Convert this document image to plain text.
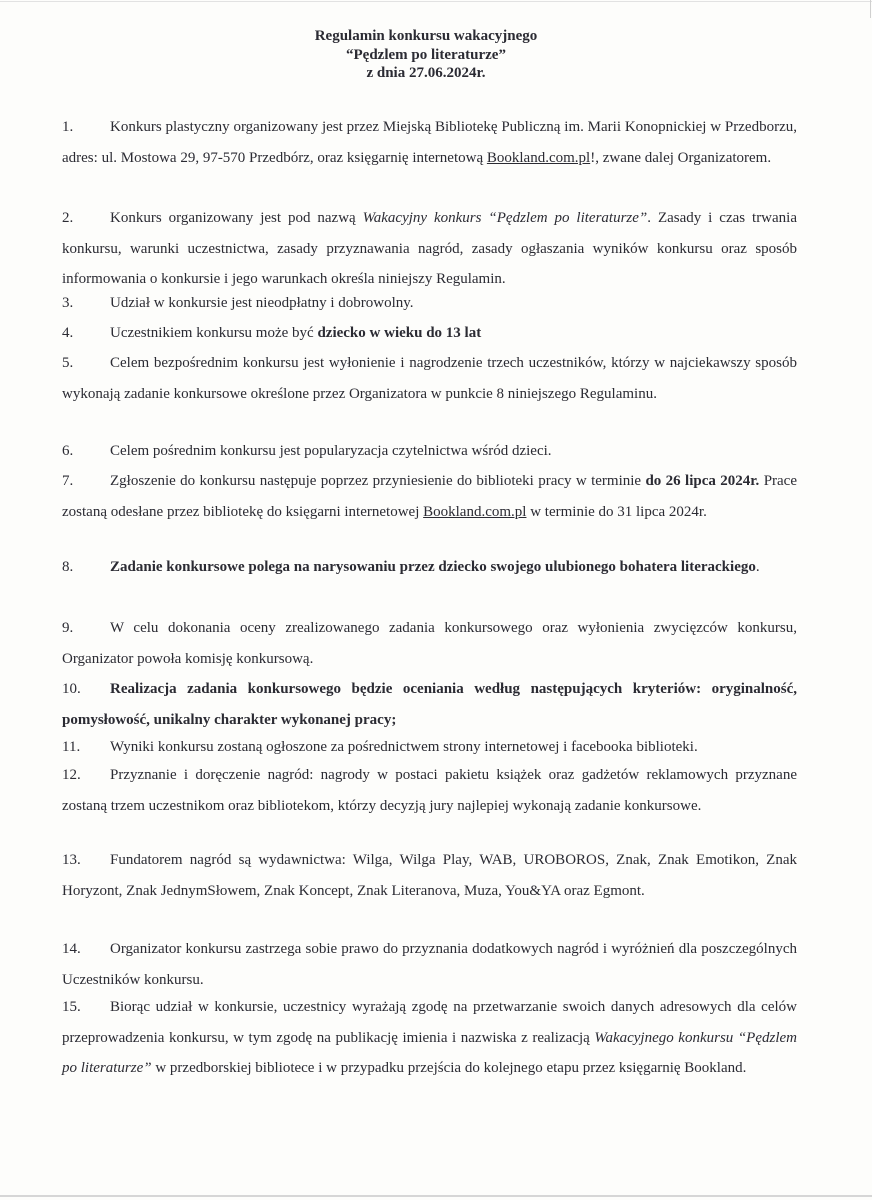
Regulamin konkursu wakacyjnego
“Pędzlem po literaturze”
z dnia 27.06.2024r.
1. Konkurs plastyczny organizowany jest przez Miejską Bibliotekę Publiczną im. Marii Konopnickiej w Przedborzu, adres: ul. Mostowa 29, 97-570 Przedbórz, oraz księgarnię internetową Bookland.com.pl!, zwane dalej Organizatorem.
2. Konkurs organizowany jest pod nazwą Wakacyjny konkurs “Pędzlem po literaturze”. Zasady i czas trwania konkursu, warunki uczestnictwa, zasady przyznawania nagród, zasady ogłaszania wyników konkursu oraz sposób informowania o konkursie i jego warunkach określa niniejszy Regulamin.
3. Udział w konkursie jest nieodpłatny i dobrowolny.
4. Uczestnikiem konkursu może być dziecko w wieku do 13 lat
5. Celem bezpośrednim konkursu jest wyłonienie i nagrodzenie trzech uczestników, którzy w najciekawszy sposób wykonają zadanie konkursowe określone przez Organizatora w punkcie 8 niniejszego Regulaminu.
6. Celem pośrednim konkursu jest popularyzacja czytelnictwa wśród dzieci.
7. Zgłoszenie do konkursu następuje poprzez przyniesienie do biblioteki pracy w terminie do 26 lipca 2024r. Prace zostaną odesłane przez bibliotekę do księgarni internetowej Bookland.com.pl w terminie do 31 lipca 2024r.
8. Zadanie konkursowe polega na narysowaniu przez dziecko swojego ulubionego bohatera literackiego.
9. W celu dokonania oceny zrealizowanego zadania konkursowego oraz wyłonienia zwycięzców konkursu, Organizator powoła komisję konkursową.
10. Realizacja zadania konkursowego będzie oceniania według następujących kryteriów: oryginalność, pomysłowość, unikalny charakter wykonanej pracy;
11. Wyniki konkursu zostaną ogłoszone za pośrednictwem strony internetowej i facebooka biblioteki.
12. Przyznanie i doręczenie nagród: nagrody w postaci pakietu książek oraz gadżetów reklamowych przyznane zostaną trzem uczestnikom oraz bibliotekom, którzy decyzją jury najlepiej wykonają zadanie konkursowe.
13. Fundatorem nagród są wydawnictwa: Wilga, Wilga Play, WAB, UROBOROS, Znak, Znak Emotikon, Znak Horyzont, Znak JednymSłowem, Znak Koncept, Znak Literanova, Muza, You&YA oraz Egmont.
14. Organizator konkursu zastrzega sobie prawo do przyznania dodatkowych nagród i wyróżnień dla poszczególnych Uczestników konkursu.
15. Biorąc udział w konkursie, uczestnicy wyrażają zgodę na przetwarzanie swoich danych adresowych dla celów przeprowadzenia konkursu, w tym zgodę na publikację imienia i nazwiska z realizacją Wakacyjnego konkursu “Pędzlem po literaturze” w przedborskiej bibliotece i w przypadku przejścia do kolejnego etapu przez księgarnię Bookland.
